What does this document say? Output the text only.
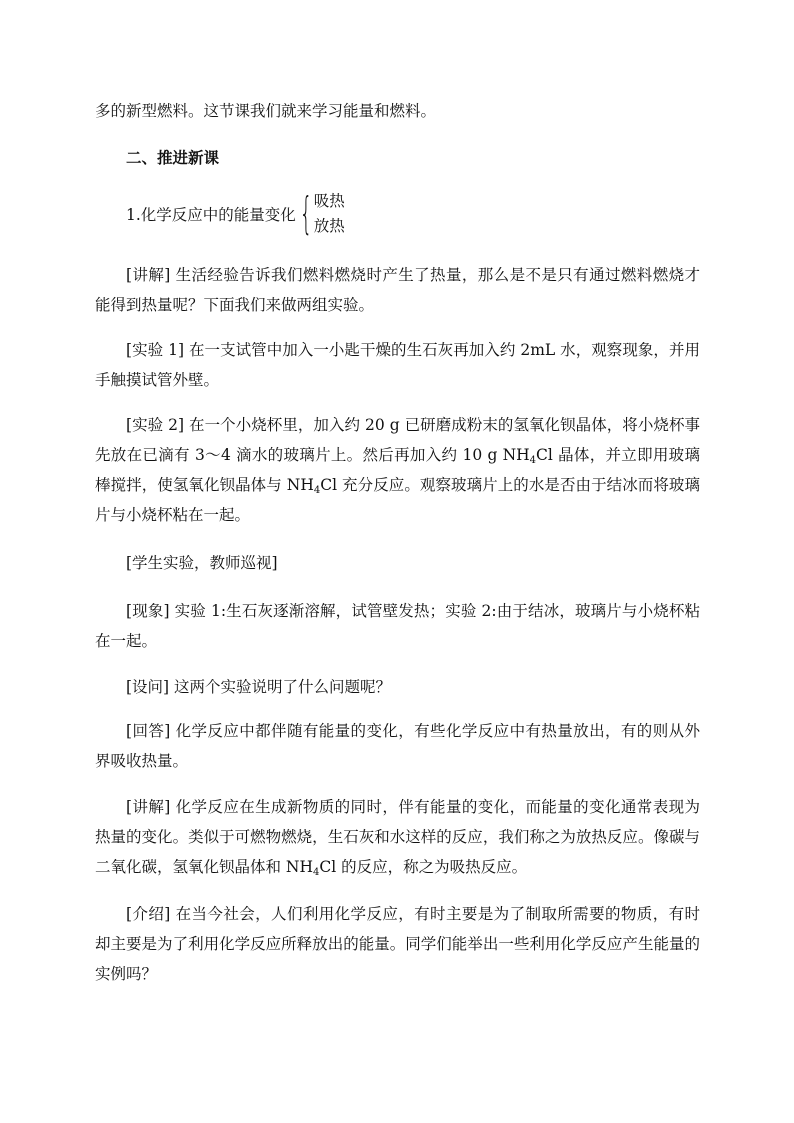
多的新型燃料。这节课我们就来学习能量和燃料。

二、推进新课
1.化学反应中的能量变化 { 吸热
放热

[讲解] 生活经验告诉我们燃料燃烧时产生了热量，那么是不是只有通过燃料燃烧才能得到热量呢？下面我们来做两组实验。

[实验 1] 在一支试管中加入一小匙干燥的生石灰再加入约 2mL 水，观察现象，并用手触摸试管外壁。

[实验 2] 在一个小烧杯里，加入约 20 g 已研磨成粉末的氢氧化钡晶体，将小烧杯事先放在已滴有 3～4 滴水的玻璃片上。然后再加入约 10 g $NH_4Cl$ 晶体，并立即用玻璃棒搅拌，使氢氧化钡晶体与 $NH_4Cl$ 充分反应。观察玻璃片上的水是否由于结冰而将玻璃片与小烧杯粘在一起。

[学生实验，教师巡视]

[现象] 实验 1:生石灰逐渐溶解，试管壁发热；实验 2:由于结冰，玻璃片与小烧杯粘在一起。

[设问] 这两个实验说明了什么问题呢？

[回答] 化学反应中都伴随有能量的变化，有些化学反应中有热量放出，有的则从外界吸收热量。

[讲解] 化学反应在生成新物质的同时，伴有能量的变化，而能量的变化通常表现为热量的变化。类似于可燃物燃烧，生石灰和水这样的反应，我们称之为放热反应。像碳与二氧化碳，氢氧化钡晶体和 $NH_4Cl$ 的反应，称之为吸热反应。

[介绍] 在当今社会，人们利用化学反应，有时主要是为了制取所需要的物质，有时却主要是为了利用化学反应所释放出的能量。同学们能举出一些利用化学反应产生能量的实例吗？
